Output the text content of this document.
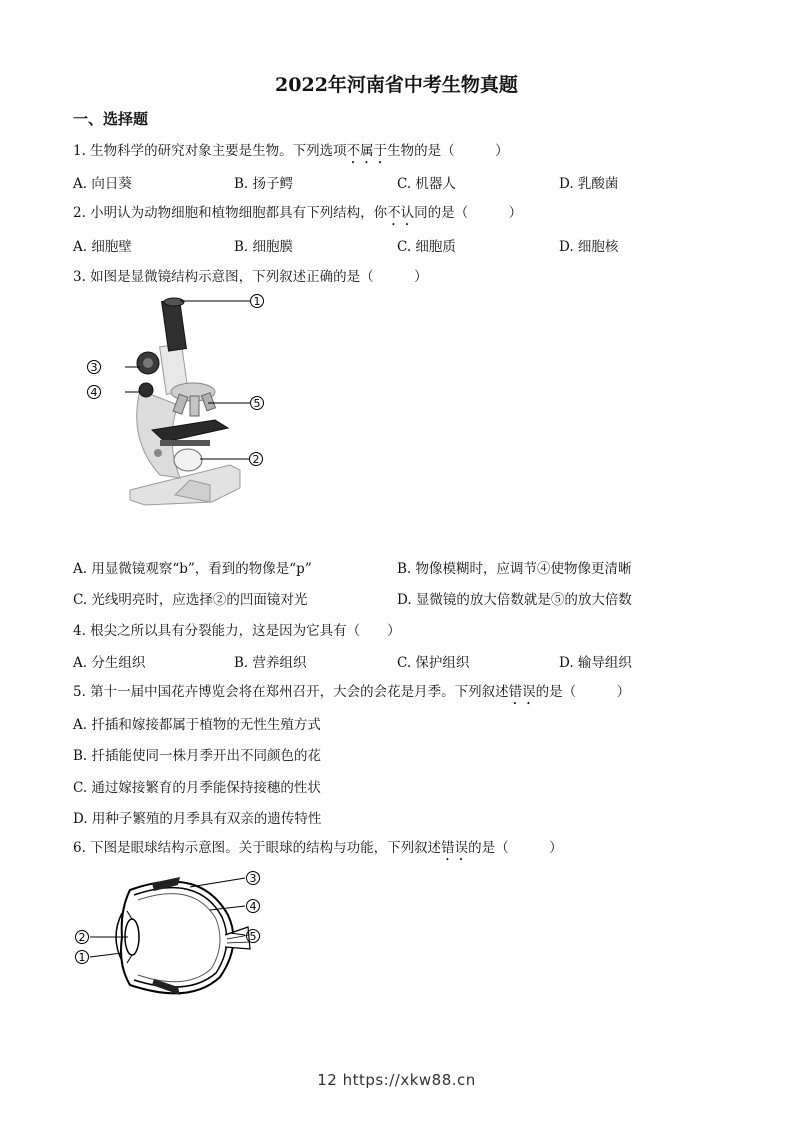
2022年河南省中考生物真题
一、选择题
1. 生物科学的研究对象主要是生物。下列选项不属于生物的是（　　　）
A. 向日葵	B. 扬子鳄	C. 机器人	D. 乳酸菌
2. 小明认为动物细胞和植物细胞都具有下列结构，你不认同的是（　　　）
A. 细胞壁	B. 细胞膜	C. 细胞质	D. 细胞核
3. 如图是显微镜结构示意图，下列叙述正确的是（　　　）
1
2
3
4
5
A. 用显微镜观察“b”，看到的物像是“p”	B. 物像模糊时，应调节④使物像更清晰
C. 光线明亮时，应选择②的凹面镜对光	D. 显微镜的放大倍数就是⑤的放大倍数
4. 根尖之所以具有分裂能力，这是因为它具有（　　）
A. 分生组织	B. 营养组织	C. 保护组织	D. 输导组织
5. 第十一届中国花卉博览会将在郑州召开，大会的会花是月季。下列叙述错误的是（　　　）
A. 扦插和嫁接都属于植物的无性生殖方式
B. 扦插能使同一株月季开出不同颜色的花
C. 通过嫁接繁育的月季能保持接穗的性状
D. 用种子繁殖的月季具有双亲的遗传特性
6. 下图是眼球结构示意图。关于眼球的结构与功能，下列叙述错误的是（　　　）
3
4
5
2
1
12 https://xkw88.cn
